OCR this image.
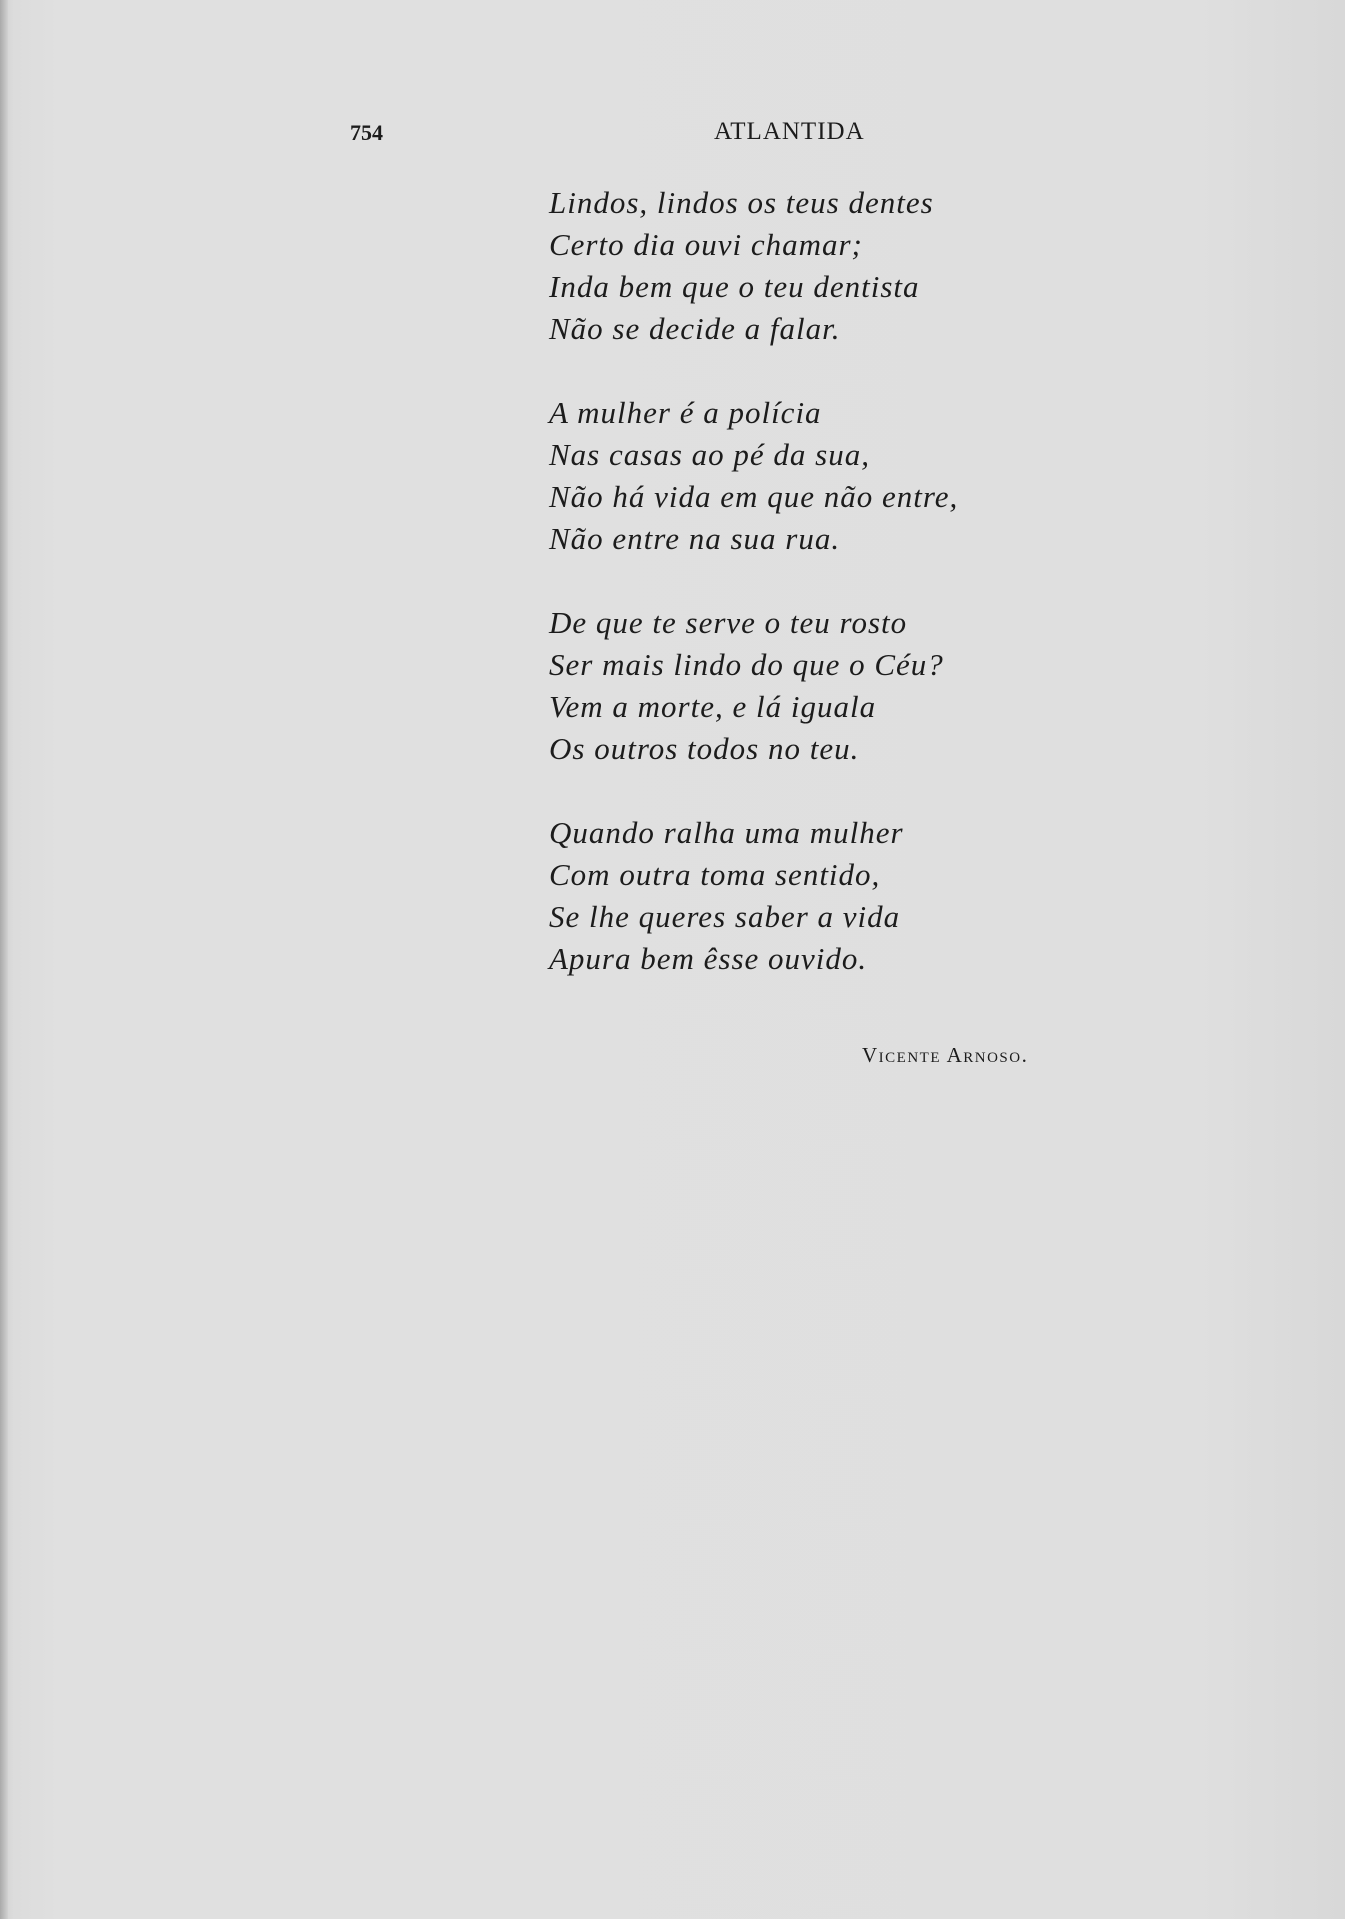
754	ATLANTIDA
Lindos, lindos os teus dentes
Certo dia ouvi chamar;
Inda bem que o teu dentista
Não se decide a falar.
A mulher é a polícia
Nas casas ao pé da sua,
Não há vida em que não entre,
Não entre na sua rua.
De que te serve o teu rosto
Ser mais lindo do que o Céu?
Vem a morte, e lá iguala
Os outros todos no teu.
Quando ralha uma mulher
Com outra toma sentido,
Se lhe queres saber a vida
Apura bem êsse ouvido.
Vicente Arnoso.
